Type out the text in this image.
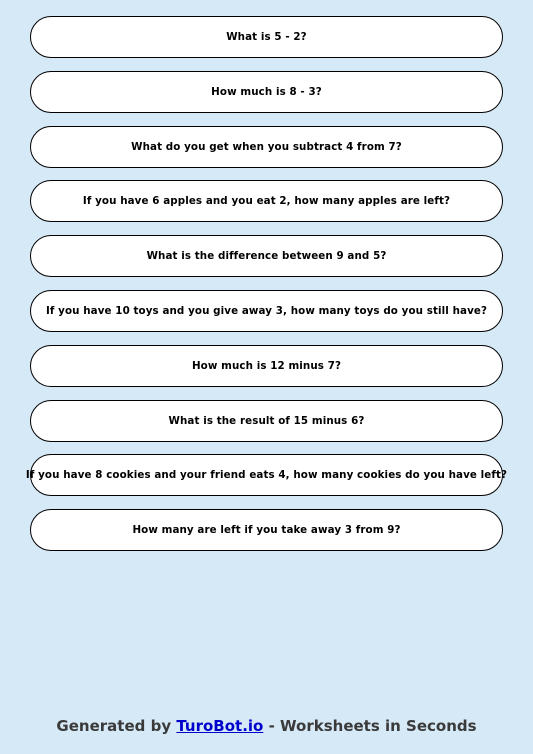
What is 5 - 2?
How much is 8 - 3?
What do you get when you subtract 4 from 7?
If you have 6 apples and you eat 2, how many apples are left?
What is the difference between 9 and 5?
If you have 10 toys and you give away 3, how many toys do you still have?
How much is 12 minus 7?
What is the result of 15 minus 6?
If you have 8 cookies and your friend eats 4, how many cookies do you have left?
How many are left if you take away 3 from 9?
Generated by TuroBot.io - Worksheets in Seconds
